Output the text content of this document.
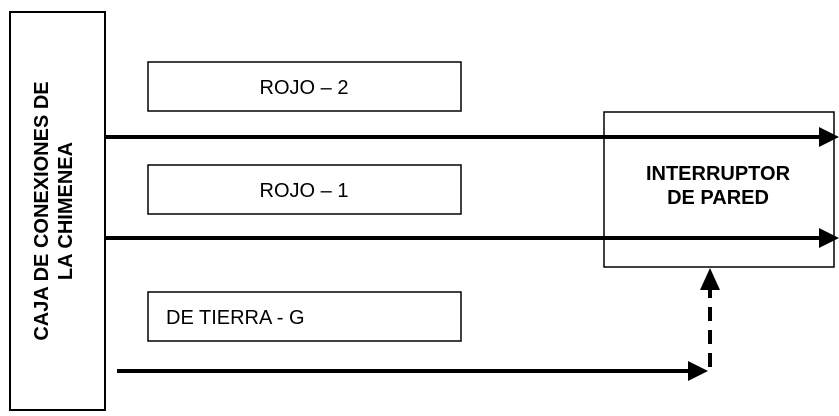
CAJA DE CONEXIONES DE LA CHIMENEA
ROJO – 2
ROJO – 1
DE TIERRA - G
INTERRUPTOR
DE PARED
